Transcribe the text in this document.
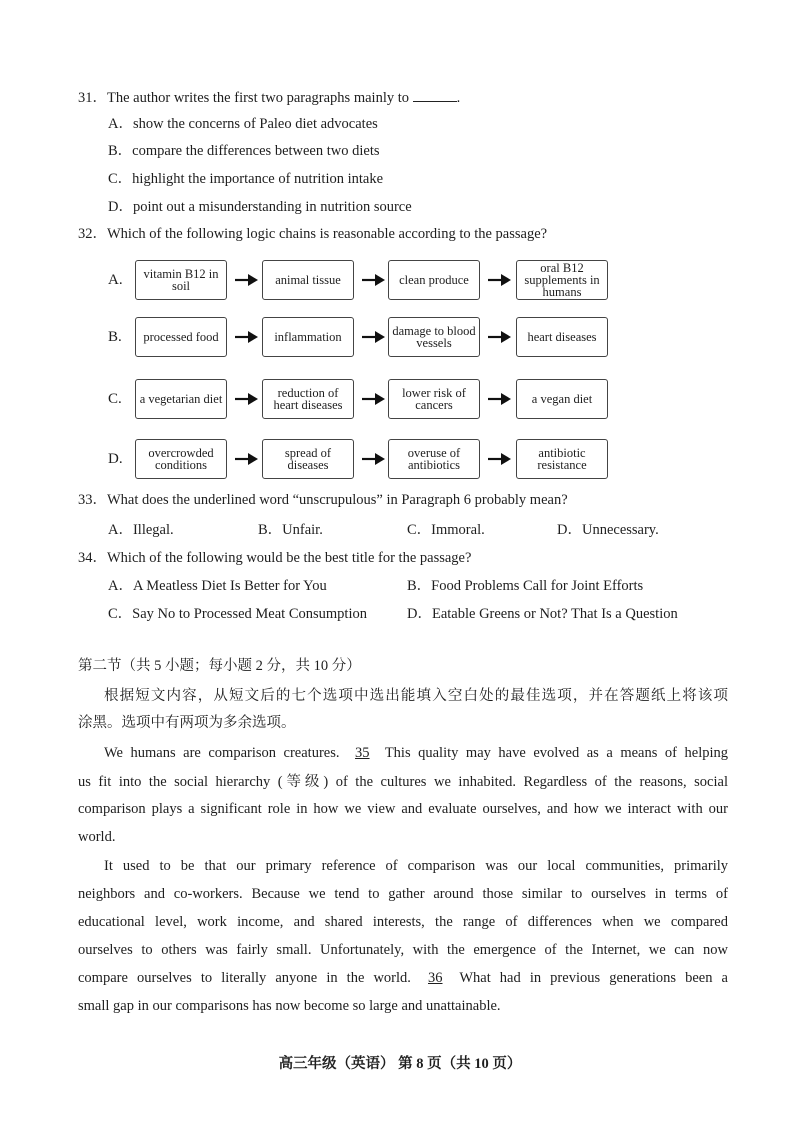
31．The author writes the first two paragraphs mainly to	.
A．show the concerns of Paleo diet advocates
B．compare the differences between two diets
C．highlight the importance of nutrition intake
D．point out a misunderstanding in nutrition source
32．Which of the following logic chains is reasonable according to the passage?
A.	vitamin B12 in soil	animal tissue	clean produce
oral B12 supplements in humans
B.	processed food	inflammation	damage to blood vessels	heart diseases
C.	a vegetarian diet	reduction of heart diseases
lower risk of cancers	a vegan diet
D.	overcrowded conditions
spread of diseases
overuse of antibiotics
antibiotic resistance
33．What does the underlined word “unscrupulous” in Paragraph 6 probably mean?
A．Illegal.	B．Unfair.	C．Immoral.	D．Unnecessary.
34．Which of the following would be the best title for the passage?
A．A Meatless Diet Is Better for You	B．Food Problems Call for Joint Efforts
C．Say No to Processed Meat Consumption	D．Eatable Greens or Not? That Is a Question
第二节（共 5 小题；每小题 2 分，共 10 分）
根据短文内容，从短文后的七个选项中选出能填入空白处的最佳选项，并在答题纸上将该项
涂黑。选项中有两项为多余选项。
We humans are comparison creatures. 35 This quality may have evolved as a means of helping
us fit into the social hierarchy (等级) of the cultures we inhabited. Regardless of the reasons, social
comparison plays a significant role in how we view and evaluate ourselves, and how we interact with our
world.
It used to be that our primary reference of comparison was our local communities, primarily
neighbors and co-workers. Because we tend to gather around those similar to ourselves in terms of
educational level, work income, and shared interests, the range of differences when we compared
ourselves to others was fairly small. Unfortunately, with the emergence of the Internet, we can now
compare ourselves to literally anyone in the world. 36 What had in previous generations been a
small gap in our comparisons has now become so large and unattainable.
高三年级（英语） 第 8 页（共 10 页）
